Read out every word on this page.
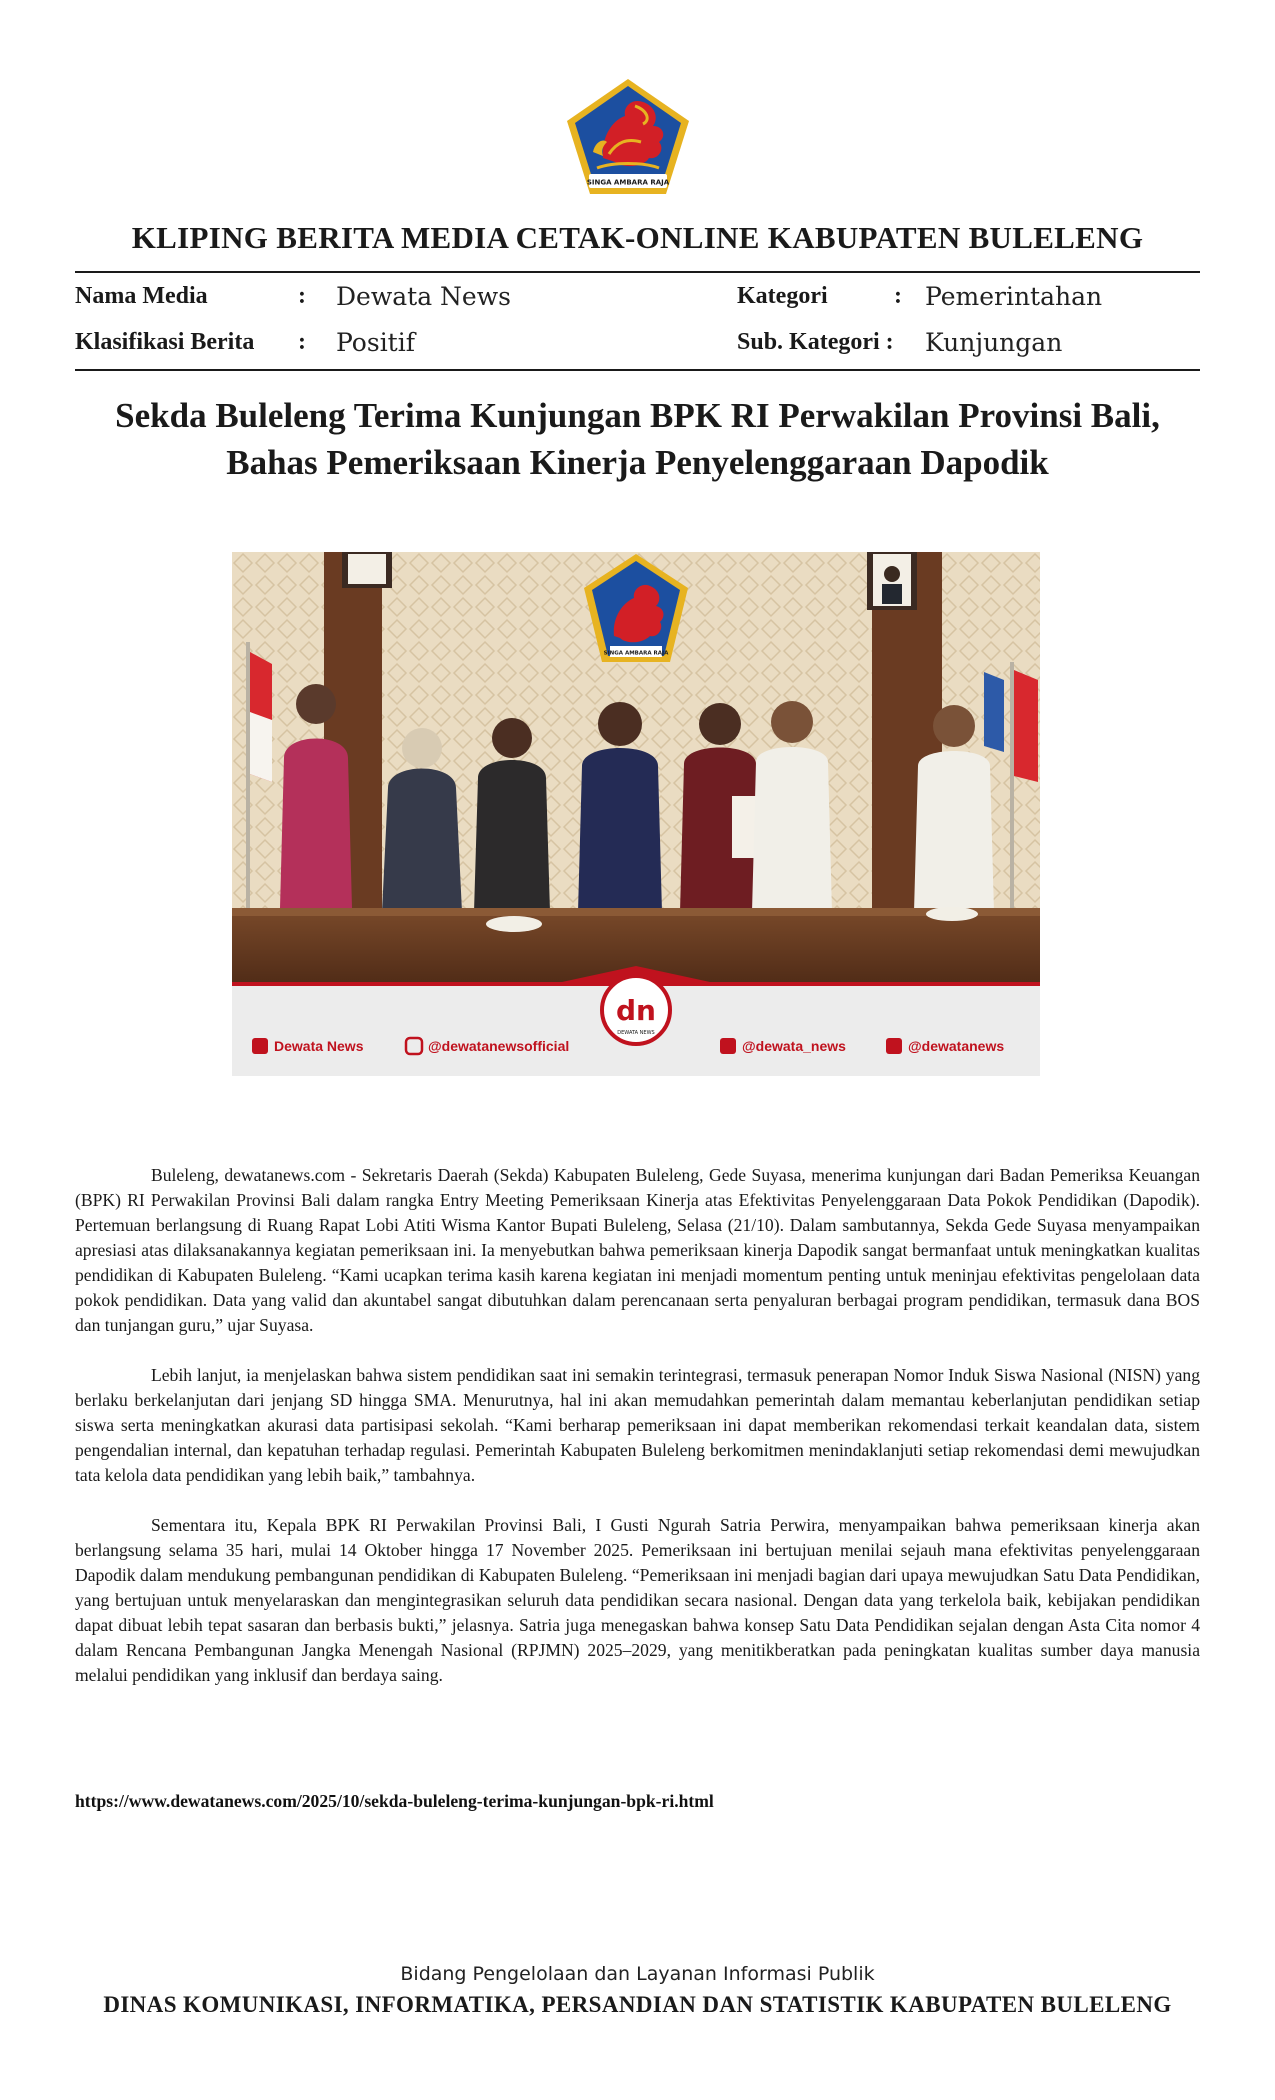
SINGA AMBARA RAJA
KLIPING BERITA MEDIA CETAK-ONLINE KABUPATEN BULELENG
Nama Media	: Dewata News	Kategori	: Pemerintahan
Klasifikasi Berita : Positif	Sub. Kategori : Kunjungan
Sekda Buleleng Terima Kunjungan BPK RI Perwakilan Provinsi Bali,
Bahas Pemeriksaan Kinerja Penyelenggaraan Dapodik
SINGA AMBARA RAJA
dn
DEWATA NEWS
Dewata News	@dewatanewsofficial	@dewata_news	@dewatanews

Buleleng, dewatanews.com - Sekretaris Daerah (Sekda) Kabupaten Buleleng, Gede Suyasa, menerima kunjungan dari Badan Pemeriksa Keuangan (BPK) RI Perwakilan Provinsi Bali dalam rangka Entry Meeting Pemeriksaan Kinerja atas Efektivitas Penyelenggaraan Data Pokok Pendidikan (Dapodik). Pertemuan berlangsung di Ruang Rapat Lobi Atiti Wisma Kantor Bupati Buleleng, Selasa (21/10). Dalam sambutannya, Sekda Gede Suyasa menyampaikan apresiasi atas dilaksanakannya kegiatan pemeriksaan ini. Ia menyebutkan bahwa pemeriksaan kinerja Dapodik sangat bermanfaat untuk meningkatkan kualitas pendidikan di Kabupaten Buleleng. “Kami ucapkan terima kasih karena kegiatan ini menjadi momentum penting untuk meninjau efektivitas pengelolaan data pokok pendidikan. Data yang valid dan akuntabel sangat dibutuhkan dalam perencanaan serta penyaluran berbagai program pendidikan, termasuk dana BOS dan tunjangan guru,” ujar Suyasa.

Lebih lanjut, ia menjelaskan bahwa sistem pendidikan saat ini semakin terintegrasi, termasuk penerapan Nomor Induk Siswa Nasional (NISN) yang berlaku berkelanjutan dari jenjang SD hingga SMA. Menurutnya, hal ini akan memudahkan pemerintah dalam memantau keberlanjutan pendidikan setiap siswa serta meningkatkan akurasi data partisipasi sekolah. “Kami berharap pemeriksaan ini dapat memberikan rekomendasi terkait keandalan data, sistem pengendalian internal, dan kepatuhan terhadap regulasi. Pemerintah Kabupaten Buleleng berkomitmen menindaklanjuti setiap rekomendasi demi mewujudkan tata kelola data pendidikan yang lebih baik,” tambahnya.

Sementara itu, Kepala BPK RI Perwakilan Provinsi Bali, I Gusti Ngurah Satria Perwira, menyampaikan bahwa pemeriksaan kinerja akan berlangsung selama 35 hari, mulai 14 Oktober hingga 17 November 2025. Pemeriksaan ini bertujuan menilai sejauh mana efektivitas penyelenggaraan Dapodik dalam mendukung pembangunan pendidikan di Kabupaten Buleleng. “Pemeriksaan ini menjadi bagian dari upaya mewujudkan Satu Data Pendidikan, yang bertujuan untuk menyelaraskan dan mengintegrasikan seluruh data pendidikan secara nasional. Dengan data yang terkelola baik, kebijakan pendidikan dapat dibuat lebih tepat sasaran dan berbasis bukti,” jelasnya. Satria juga menegaskan bahwa konsep Satu Data Pendidikan sejalan dengan Asta Cita nomor 4 dalam Rencana Pembangunan Jangka Menengah Nasional (RPJMN) 2025–2029, yang menitikberatkan pada peningkatan kualitas sumber daya manusia melalui pendidikan yang inklusif dan berdaya saing.

https://www.dewatanews.com/2025/10/sekda-buleleng-terima-kunjungan-bpk-ri.html
Bidang Pengelolaan dan Layanan Informasi Publik
DINAS KOMUNIKASI, INFORMATIKA, PERSANDIAN DAN STATISTIK KABUPATEN BULELENG
